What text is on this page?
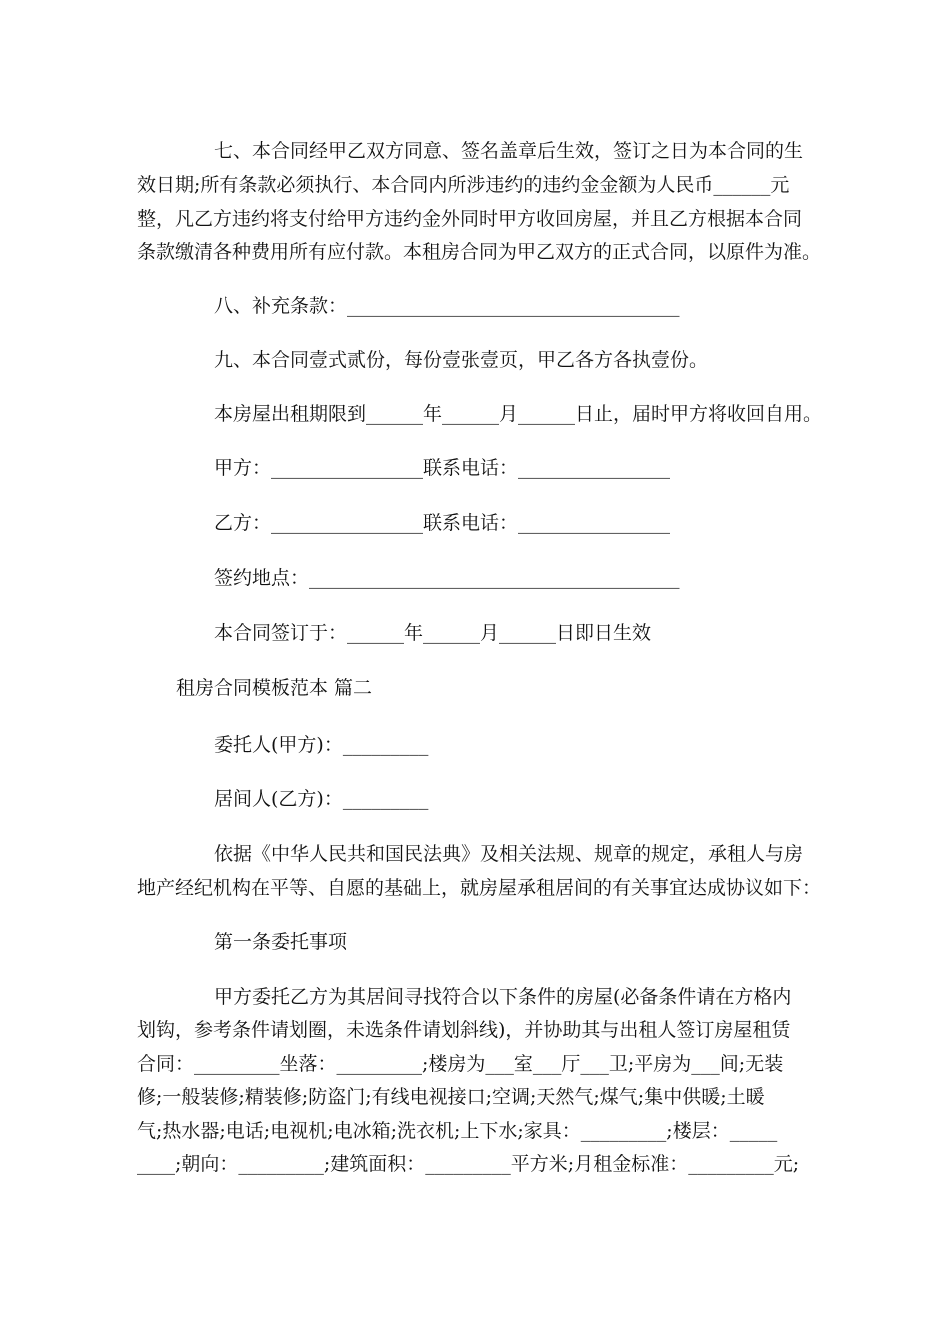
七、本合同经甲乙双方同意、签名盖章后生效，签订之日为本合同的生
效日期;所有条款必须执行、本合同内所涉违约的违约金金额为人民币______元
整，凡乙方违约将支付给甲方违约金外同时甲方收回房屋，并且乙方根据本合同
条款缴清各种费用所有应付款。本租房合同为甲乙双方的正式合同，以原件为准。
八、补充条款：___________________________________
九、本合同壹式贰份，每份壹张壹页，甲乙各方各执壹份。
本房屋出租期限到______年______月______日止，届时甲方将收回自用。
甲方：________________联系电话：________________
乙方：________________联系电话：________________
签约地点：_______________________________________
本合同签订于：______年______月______日即日生效
租房合同模板范本 篇二
委托人(甲方)：_________
居间人(乙方)：_________
依据《中华人民共和国民法典》及相关法规、规章的规定，承租人与房
地产经纪机构在平等、自愿的基础上，就房屋承租居间的有关事宜达成协议如下：
第一条委托事项
甲方委托乙方为其居间寻找符合以下条件的房屋(必备条件请在方格内
划钩，参考条件请划圈，未选条件请划斜线)，并协助其与出租人签订房屋租赁
合同：_________坐落：_________;楼房为___室___厅___卫;平房为___间;无装
修;一般装修;精装修;防盗门;有线电视接口;空调;天然气;煤气;集中供暖;土暖
气;热水器;电话;电视机;电冰箱;洗衣机;上下水;家具：_________;楼层：_____
____;朝向：_________;建筑面积：_________平方米;月租金标准：_________元;
